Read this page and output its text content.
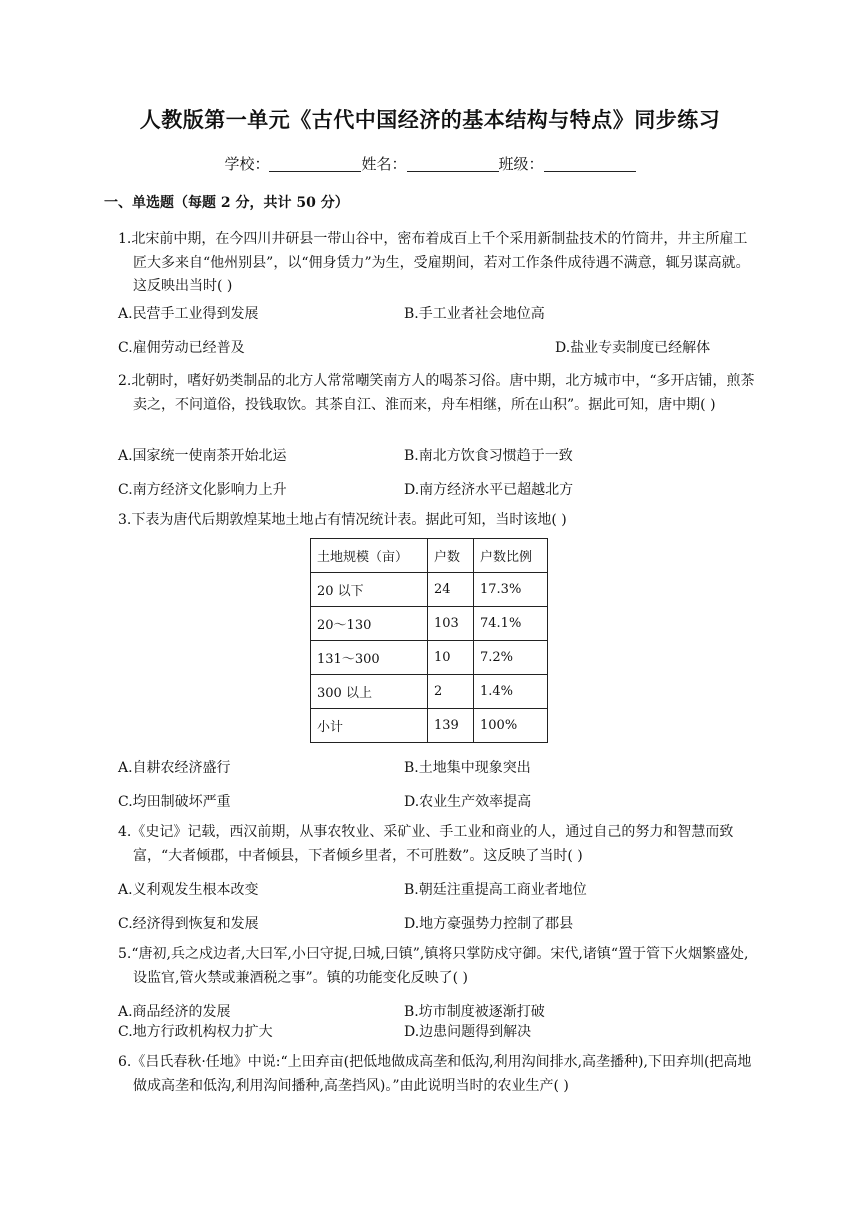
人教版第一单元《古代中国经济的基本结构与特点》同步练习
学校：	姓名：	班级：
一、单选题（每题 2 分，共计 50 分）
1.北宋前中期，在今四川井研县一带山谷中，密布着成百上千个采用新制盐技术的竹筒井，井主所雇工匠大多来自“他州别县”，以“佣身赁力”为生，受雇期间，若对工作条件成待遇不满意，辄另谋高就。这反映出当时( )
A.民营手工业得到发展	B.手工业者社会地位高
C.雇佣劳动已经普及	D.盐业专卖制度已经解体
2.北朝时，嗜好奶类制品的北方人常常嘲笑南方人的喝茶习俗。唐中期，北方城市中，“多开店铺，煎茶卖之，不问道俗，投钱取饮。其茶自江、淮而来，舟车相继，所在山积”。据此可知，唐中期( )
A.国家统一使南茶开始北运	B.南北方饮食习惯趋于一致
C.南方经济文化影响力上升	D.南方经济水平已超越北方
3.下表为唐代后期敦煌某地土地占有情况统计表。据此可知，当时该地( )
土地规模（亩）	户数	户数比例
20 以下	24	17.3%
20～130	103	74.1%
131～300	10	7.2%
300 以上	2	1.4%
小计	139	100%
A.自耕农经济盛行	B.土地集中现象突出
C.均田制破坏严重	D.农业生产效率提高
4.《史记》记载，西汉前期，从事农牧业、采矿业、手工业和商业的人，通过自己的努力和智慧而致富，“大者倾郡，中者倾县，下者倾乡里者，不可胜数”。这反映了当时( )
A.义利观发生根本改变	B.朝廷注重提高工商业者地位
C.经济得到恢复和发展	D.地方豪强势力控制了郡县
5.“唐初,兵之戍边者,大曰军,小曰守捉,曰城,曰镇”,镇将只掌防戍守御。宋代,诸镇“置于管下火烟繁盛处,设监官,管火禁或兼酒税之事”。镇的功能变化反映了( )
A.商品经济的发展	B.坊市制度被逐渐打破
C.地方行政机构权力扩大	D.边患问题得到解决
6.《吕氏春秋·任地》中说:“上田弃亩(把低地做成高垄和低沟,利用沟间排水,高垄播种),下田弃圳(把高地做成高垄和低沟,利用沟间播种,高垄挡风)。”由此说明当时的农业生产( )
